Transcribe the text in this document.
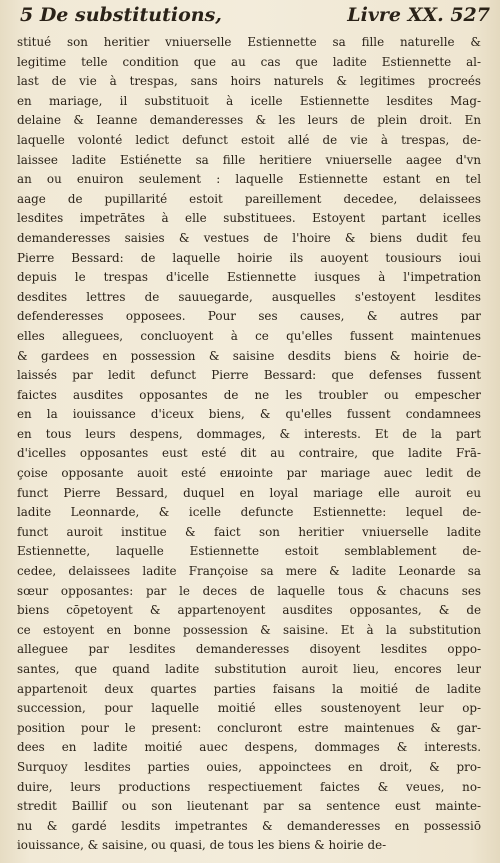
5 De substitutions,	Livre XX. 527
stitué son heritier vniuerselle Estiennette sa fille naturelle &
legitime telle condition que au cas que ladite Estiennette al-
last de vie à trespas, sans hoirs naturels & legitimes procreés
en mariage, il substituoit à icelle Estiennette lesdites Mag-
delaine & Ieanne demanderesses & les leurs de plein droit. En
laquelle volonté ledict defunct estoit allé de vie à trespas, de-
laissee ladite Estiénette sa fille heritiere vniuerselle aagee d'vn
an ou enuiron seulement : laquelle Estiennette estant en tel
aage de pupillarité estoit pareillement decedee, delaissees
lesdites impetrātes à elle substituees. Estoyent partant icelles
demanderesses saisies & vestues de l'hoire & biens dudit feu
Pierre Bessard: de laquelle hoirie ils auoyent tousiours ioui
depuis le trespas d'icelle Estiennette iusques à l'impetration
desdites lettres de sauuegarde, ausquelles s'estoyent lesdites
defenderesses opposees. Pour ses causes, & autres par
elles alleguees, concluoyent à ce qu'elles fussent maintenues
& gardees en possession & saisine desdits biens & hoirie de-
laissés par ledit defunct Pierre Bessard: que defenses fussent
faictes ausdites opposantes de ne les troubler ou empescher
en la iouissance d'iceux biens, & qu'elles fussent condamnees
en tous leurs despens, dommages, & interests. Et de la part
d'icelles opposantes eust esté dit au contraire, que ladite Frā-
çoise opposante auoit esté ениointe par mariage auec ledit de
funct Pierre Bessard, duquel en loyal mariage elle auroit eu
ladite Leonnarde, & icelle defuncte Estiennette: lequel de-
funct auroit institue & faict son heritier vniuerselle ladite
Estiennette, laquelle Estiennette estoit semblablement de-
cedee, delaissees ladite Françoise sa mere & ladite Leonarde sa
sœur opposantes: par le deces de laquelle tous & chacuns ses
biens cōpetoyent & appartenoyent ausdites opposantes, & de
ce estoyent en bonne possession & saisine. Et à la substitution
alleguee par lesdites demanderesses disoyent lesdites oppo-
santes, que quand ladite substitution auroit lieu, encores leur
appartenoit deux quartes parties faisans la moitié de ladite
succession, pour laquelle moitié elles soustenoyent leur op-
position pour le present: concluront estre maintenues & gar-
dees en ladite moitié auec despens, dommages & interests.
Surquoy lesdites parties ouies, appoinctees en droit, & pro-
duire, leurs productions respectiuement faictes & veues, no-
stredit Baillif ou son lieutenant par sa sentence eust mainte-
nu & gardé lesdits impetrantes & demanderesses en possessiō
iouissance, & saisine, ou quasi, de tous les biens & hoirie de-
